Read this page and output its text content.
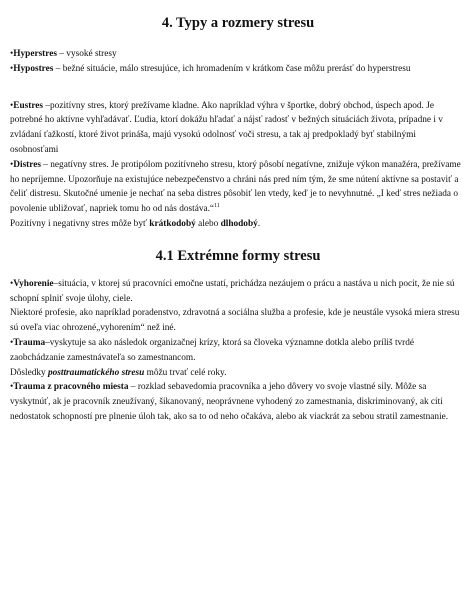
4. Typy a rozmery stresu

•Hyperstres – vysoké stresy

•Hypostres – bežné situácie, málo stresujúce, ich hromadením v krátkom čase môžu prerásť do hyperstresu

•Eustres –pozitívny stres, ktorý prežívame kladne. Ako napríklad výhra v športke, dobrý obchod, úspech apod. Je potrebné ho aktívne vyhľadávať. Ľudia, ktorí dokážu hľadať a nájsť radosť v bežných situáciách života, prípadne i v zvládaní ťažkostí, ktoré život prináša, majú vysokú odolnosť voči stresu, a tak aj predpokladý byť stabilnými osobnosťami

•Distres – negatívny stres. Je protipólom pozitívneho stresu, ktorý pôsobí negatívne, znižuje výkon manažéra, prežívame ho nepríjemne. Upozorňuje na existujúce nebezpečenstvo a chráni nás pred ním tým, že sme nútení aktívne sa postaviť a čeliť distresu. Skutočné umenie je nechať na seba distres pôsobiť len vtedy, keď je to nevyhnutné. „I keď stres nežiada o povolenie ubližovať, napriek tomu ho od nás dostáva.“$^{11}$

Pozitívny i negatívny stres môže byť krátkodobý alebo dlhodobý.

4.1 Extrémne formy stresu

•Vyhorenie–situácia, v ktorej sú pracovníci emočne ustatí, prichádza nezáujem o prácu a nastáva u nich pocit, že nie sú schopní splniť svoje úlohy, ciele.

Niektoré profesie, ako napríklad poradenstvo, zdravotná a sociálna služba a profesie, kde je neustále vysoká miera stresu sú oveľa viac ohrozené„vyhorením“ než iné.

•Trauma–vyskytuje sa ako následok organizačnej krízy, ktorá sa človeka významne dotkla alebo príliš tvrdé zaobchádzanie zamestnávateľa so zamestnancom.

Dôsledky posttraumatického stresu môžu trvať celé roky.

•Trauma z pracovného miesta – rozklad sebavedomia pracovníka a jeho dôvery vo svoje vlastné sily. Môže sa vyskytnúť, ak je pracovník zneužívaný, šikanovaný, neoprávnene vyhodený zo zamestnania, diskriminovaný, ak cíti nedostatok schopností pre plnenie úloh tak, ako sa to od neho očakáva, alebo ak viackrát za sebou stratil zamestnanie.
